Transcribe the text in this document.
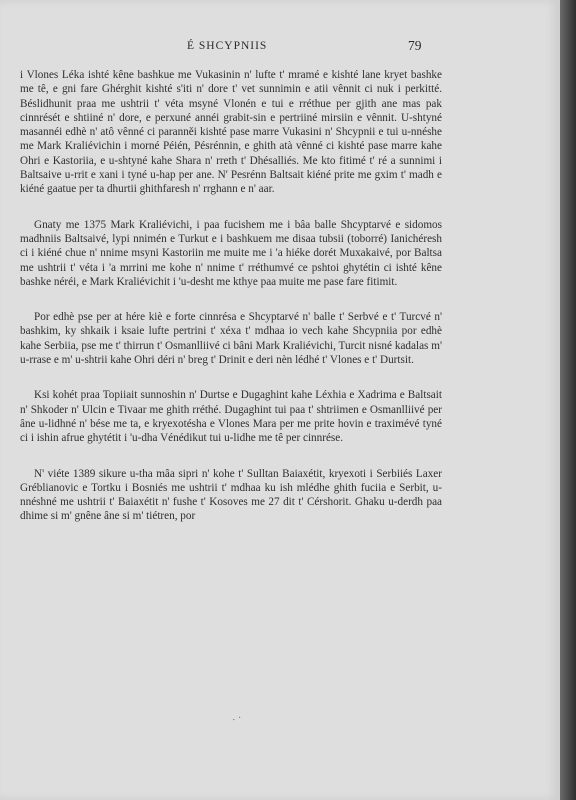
É SHCYPNIIS	79

i Vlones Léka ishté kêne bashkue me Vukasinin n' lufte t' mramé e kishté lane kryet bashke me tê, e gni fare Ghérghit kishté s'iti n' dore t' vet sunnimin e atii vênnit ci nuk i perkitté. Béslidhunit praa me ushtrii t' véta msyné Vlonén e tui e rréthue per gjith ane mas pak cinnrését e shtiiné n' dore, e perxuné annéi grabit-sin e pertriiné mirsiin e vênnit. U-shtyné masannéi edhè n' atô vênné ci paranněi kishté pase marre Vukasini n' Shcypnii e tui u-nnéshe me Mark Kraliévichin i morné Péién, Pésrénnin, e ghith atà vênné ci kishté pase marre kahe Ohri e Kastoriia, e u-shtyné kahe Shara n' rreth t' Dhésalliés. Me kto fitimé t' ré a sunnimi i Baltsaive u-rrit e xani i tyné u-hap per ane. N' Pesrénn Baltsait kiéné prite me gxim t' madh e kiéné gaatue per ta dhurtii ghithfaresh n' rrghann e n' aar.

Gnaty me 1375 Mark Kraliévichi, i paa fucishem me i bâa balle Shcyptarvé e sidomos madhniis Baltsaivé, lypi nnimén e Turkut e i bashkuem me disaa tubsii (toborré) Ianichéresh ci i kiéné chue n' nnime msyni Kastoriin me muite me i 'a hiéke dorét Muxakaivé, por Baltsa me ushtrii t' véta i 'a mrrini me kohe n' nnime t' rréthumvé ce pshtoi ghytétin ci ishté kêne bashke néréi, e Mark Kraliévichit i 'u-desht me kthye paa muite me pase fare fitimit.

Por edhè pse per at hére kiè e forte cinnrésa e Shcyptarvé n' balle t' Serbvé e t' Turcvé n' bashkim, ky shkaik i ksaie lufte pertrini t' xéxa t' mdhaa io vech kahe Shcypniia por edhè kahe Serbiia, pse me t' thirrun t' Osmanlliivé ci bâni Mark Kraliévichi, Turcit nisné kadalas m' u-rrase e m' u-shtrii kahe Ohri déri n' breg t' Drinit e deri nèn lédhé t' Vlones e t' Durtsit.

Ksi kohét praa Topiiait sunnoshin n' Durtse e Dugaghint kahe Léxhia e Xadrima e Baltsait n' Shkoder n' Ulcin e Tivaar me ghith rréthé. Dugaghint tui paa t' shtriimen e Osmanlliivé per âne u-lidhné n' bése me ta, e kryexotésha e Vlones Mara per me prite hovin e traximévé tyné ci i ishin afrue ghytétit i 'u-dha Vénédikut tui u-lidhe me tê per cinnrése.

N' viéte 1389 sikure u-tha mâa sipri n' kohe t' Sulltan Baiaxétit, kryexoti i Serbiiés Laxer Gréblianovic e Tortku i Bosniés me ushtrii t' mdhaa ku ish mlédhe ghith fuciia e Serbit, u-nnéshné me ushtrii t' Baiaxétit n' fushe t' Kosoves me 27 dit t' Cérshorit. Ghaku u-derdh paa dhime si m' gnêne âne si m' tiétren, por

⠂⠁
